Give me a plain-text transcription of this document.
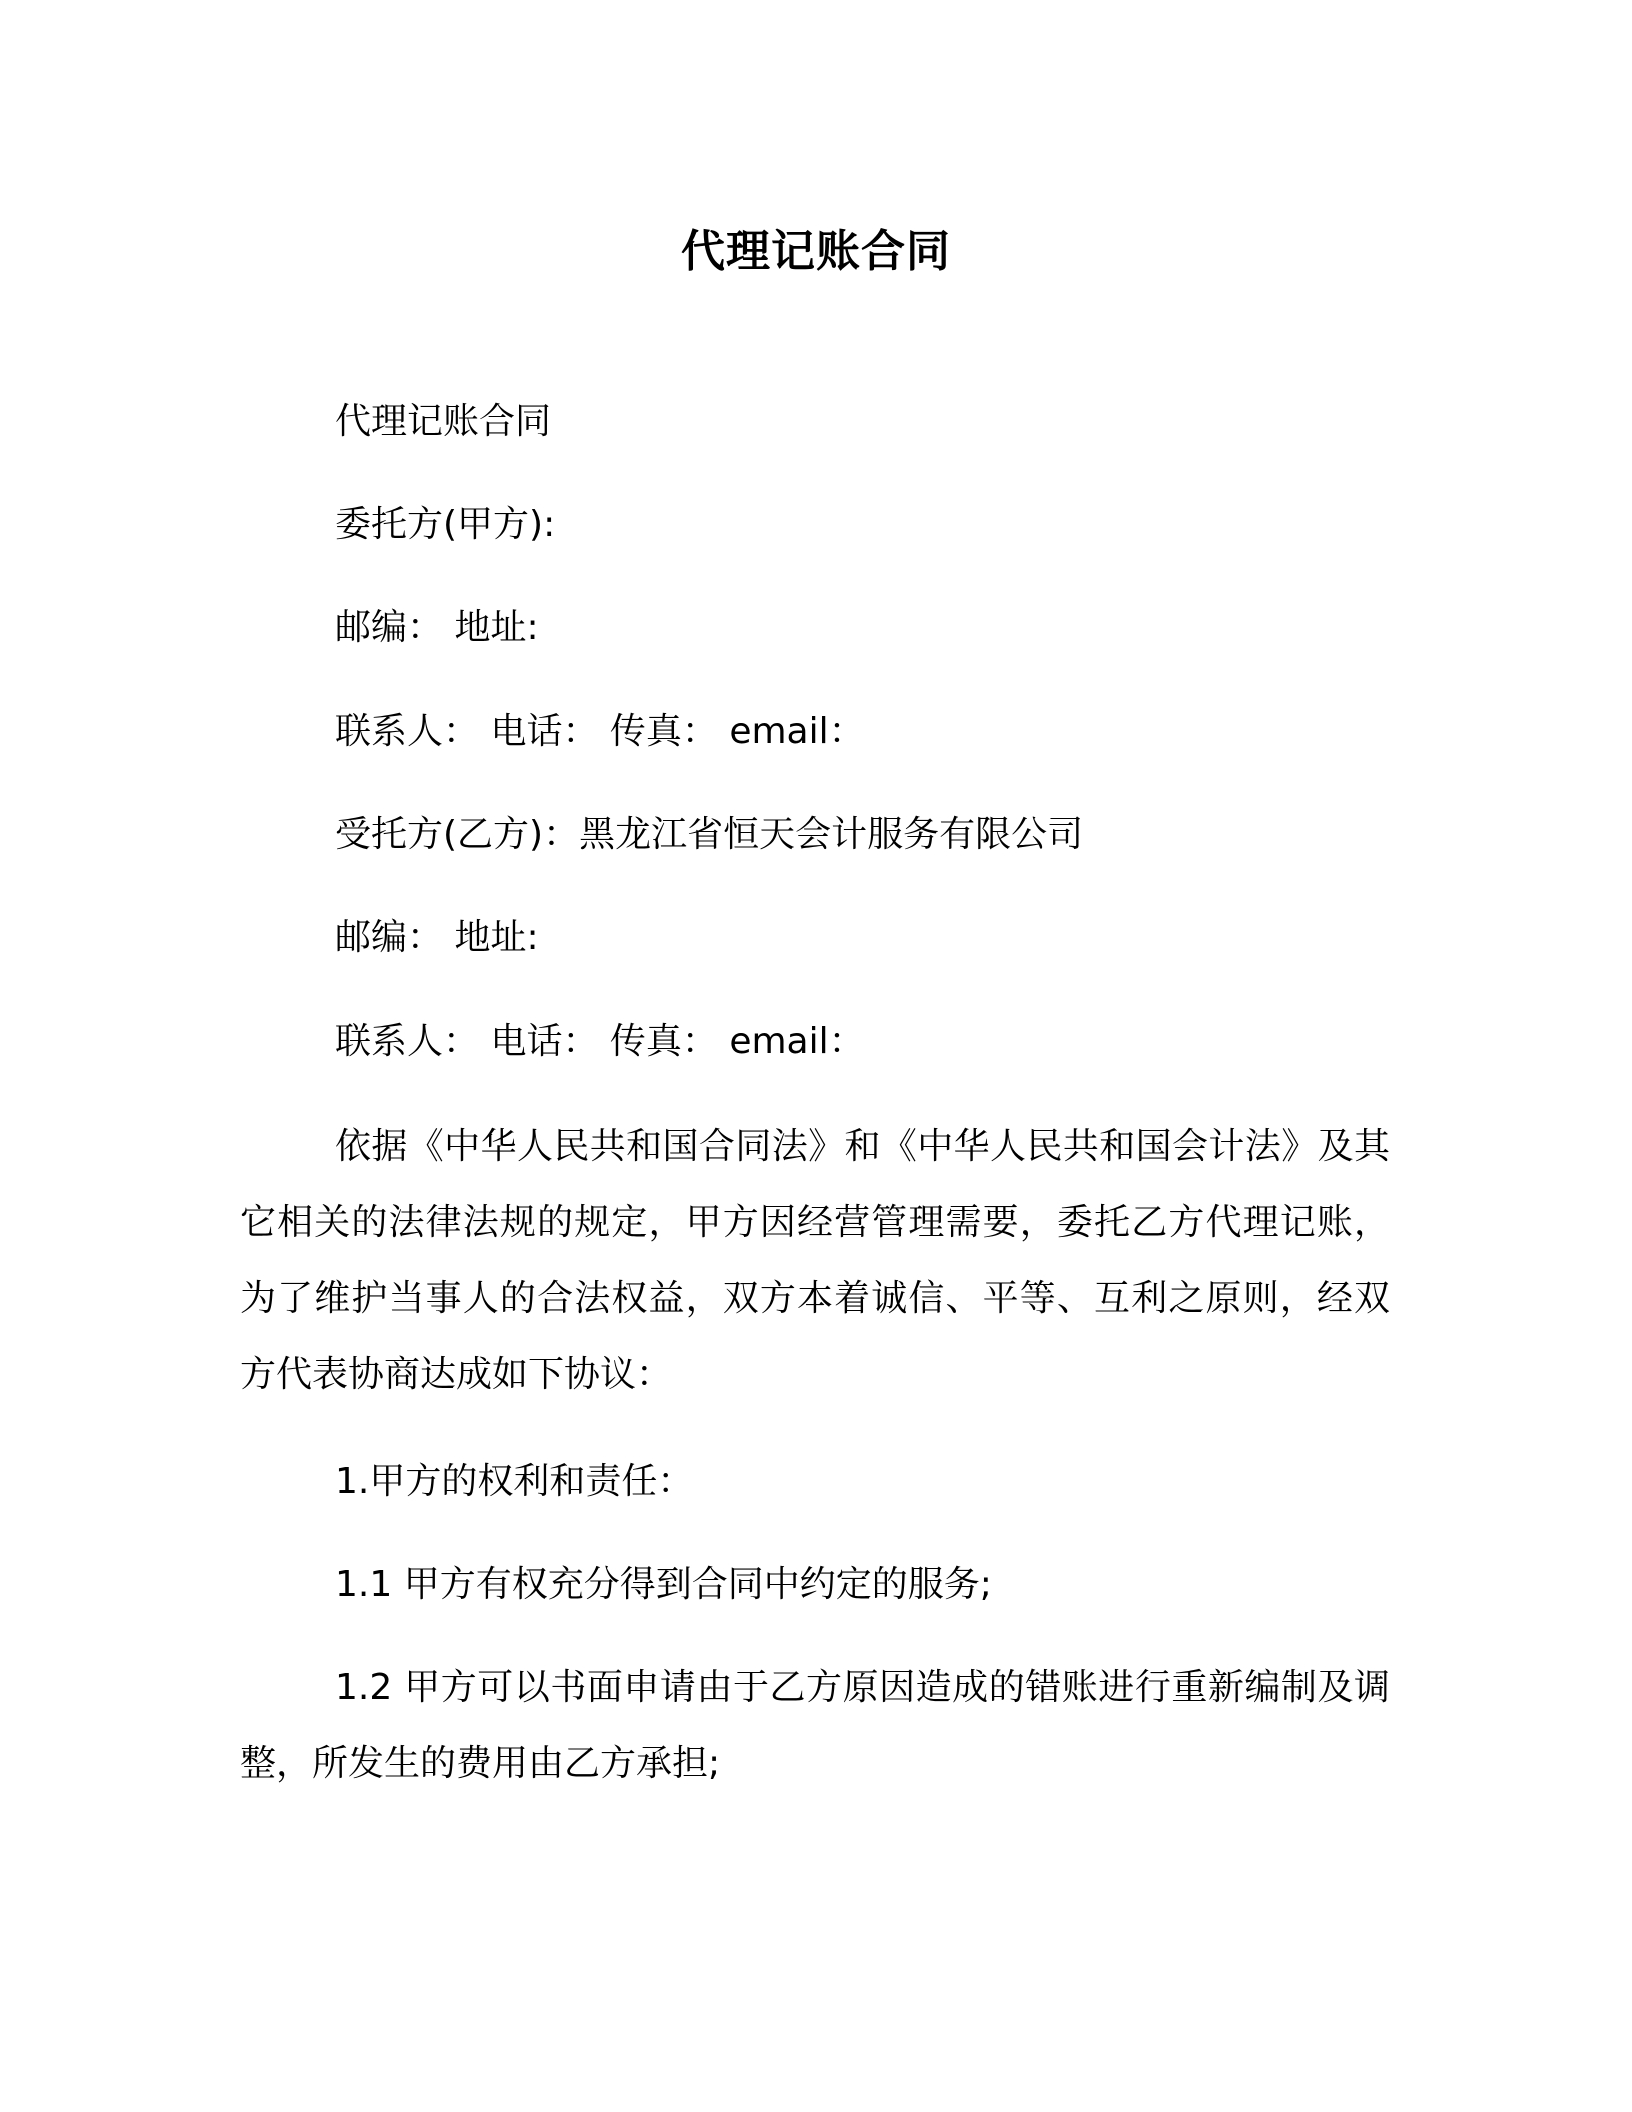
代理记账合同
代理记账合同
委托方(甲方):
邮编： 地址:
联系人： 电话： 传真： email：
受托方(乙方)：黑龙江省恒天会计服务有限公司
邮编： 地址:
联系人： 电话： 传真： email：
依据《中华人民共和国合同法》和《中华人民共和国会计法》及其它相关的法律法规的规定，甲方因经营管理需要，委托乙方代理记账，为了维护当事人的合法权益，双方本着诚信、平等、互利之原则，经双方代表协商达成如下协议：
1.甲方的权利和责任：
1.1 甲方有权充分得到合同中约定的服务;
1.2 甲方可以书面申请由于乙方原因造成的错账进行重新编制及调整，所发生的费用由乙方承担;
